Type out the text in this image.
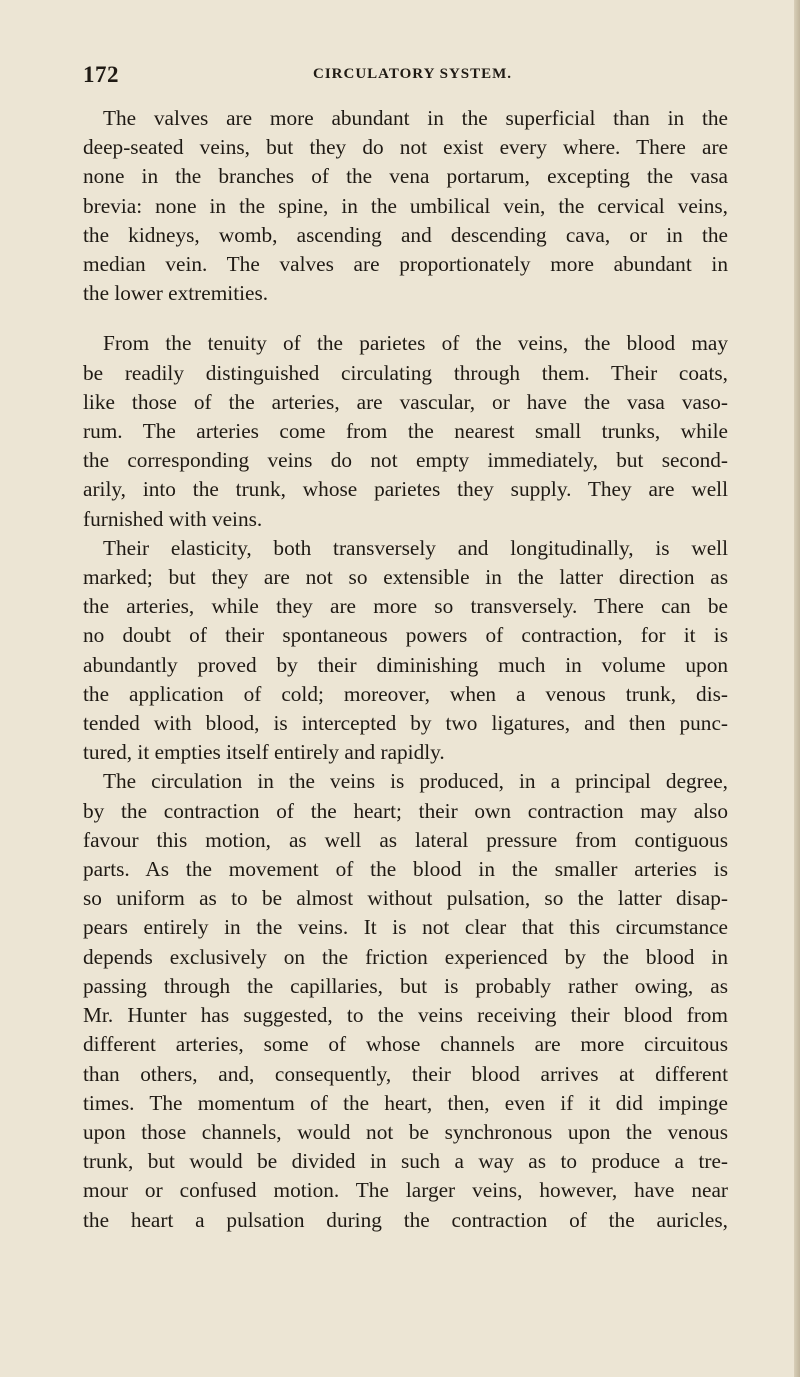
172	CIRCULATORY SYSTEM.

The valves are more abundant in the superficial than in the
deep-seated veins, but they do not exist every where. There are
none in the branches of the vena portarum, excepting the vasa
brevia: none in the spine, in the umbilical vein, the cervical veins,
the kidneys, womb, ascending and descending cava, or in the
median vein. The valves are proportionately more abundant in
the lower extremities.

From the tenuity of the parietes of the veins, the blood may
be readily distinguished circulating through them. Their coats,
like those of the arteries, are vascular, or have the vasa vaso-
rum. The arteries come from the nearest small trunks, while
the corresponding veins do not empty immediately, but second-
arily, into the trunk, whose parietes they supply. They are well
furnished with veins.

Their elasticity, both transversely and longitudinally, is well
marked; but they are not so extensible in the latter direction as
the arteries, while they are more so transversely. There can be
no doubt of their spontaneous powers of contraction, for it is
abundantly proved by their diminishing much in volume upon
the application of cold; moreover, when a venous trunk, dis-
tended with blood, is intercepted by two ligatures, and then punc-
tured, it empties itself entirely and rapidly.

The circulation in the veins is produced, in a principal degree,
by the contraction of the heart; their own contraction may also
favour this motion, as well as lateral pressure from contiguous
parts. As the movement of the blood in the smaller arteries is
so uniform as to be almost without pulsation, so the latter disap-
pears entirely in the veins. It is not clear that this circumstance
depends exclusively on the friction experienced by the blood in
passing through the capillaries, but is probably rather owing, as
Mr. Hunter has suggested, to the veins receiving their blood from
different arteries, some of whose channels are more circuitous
than others, and, consequently, their blood arrives at different
times. The momentum of the heart, then, even if it did impinge
upon those channels, would not be synchronous upon the venous
trunk, but would be divided in such a way as to produce a tre-
mour or confused motion. The larger veins, however, have near
the heart a pulsation during the contraction of the auricles,
